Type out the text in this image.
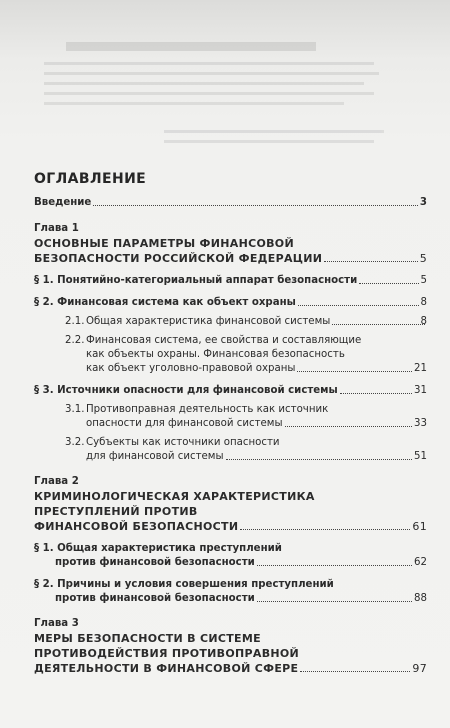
ОГЛАВЛЕНИЕ
Введение	3
Глава 1
ОСНОВНЫЕ ПАРАМЕТРЫ ФИНАНСОВОЙ
БЕЗОПАСНОСТИ РОССИЙСКОЙ ФЕДЕРАЦИИ	5
§ 1. Понятийно-категориальный аппарат безопасности	5
§ 2. Финансовая система как объект охраны	8
2.1. Общая характеристика финансовой системы	8
2.2. Финансовая система, ее свойства и составляющие
как объекты охраны. Финансовая безопасность
как объект уголовно-правовой охраны	21
§ 3. Источники опасности для финансовой системы	31
3.1. Противоправная деятельность как источник
опасности для финансовой системы	33
3.2. Субъекты как источники опасности
для финансовой системы	51
Глава 2
КРИМИНОЛОГИЧЕСКАЯ ХАРАКТЕРИСТИКА
ПРЕСТУПЛЕНИЙ ПРОТИВ
ФИНАНСОВОЙ БЕЗОПАСНОСТИ	61
§ 1. Общая характеристика преступлений
против финансовой безопасности	62
§ 2. Причины и условия совершения преступлений
против финансовой безопасности	88
Глава 3
МЕРЫ БЕЗОПАСНОСТИ В СИСТЕМЕ
ПРОТИВОДЕЙСТВИЯ ПРОТИВОПРАВНОЙ
ДЕЯТЕЛЬНОСТИ В ФИНАНСОВОЙ СФЕРЕ	97
